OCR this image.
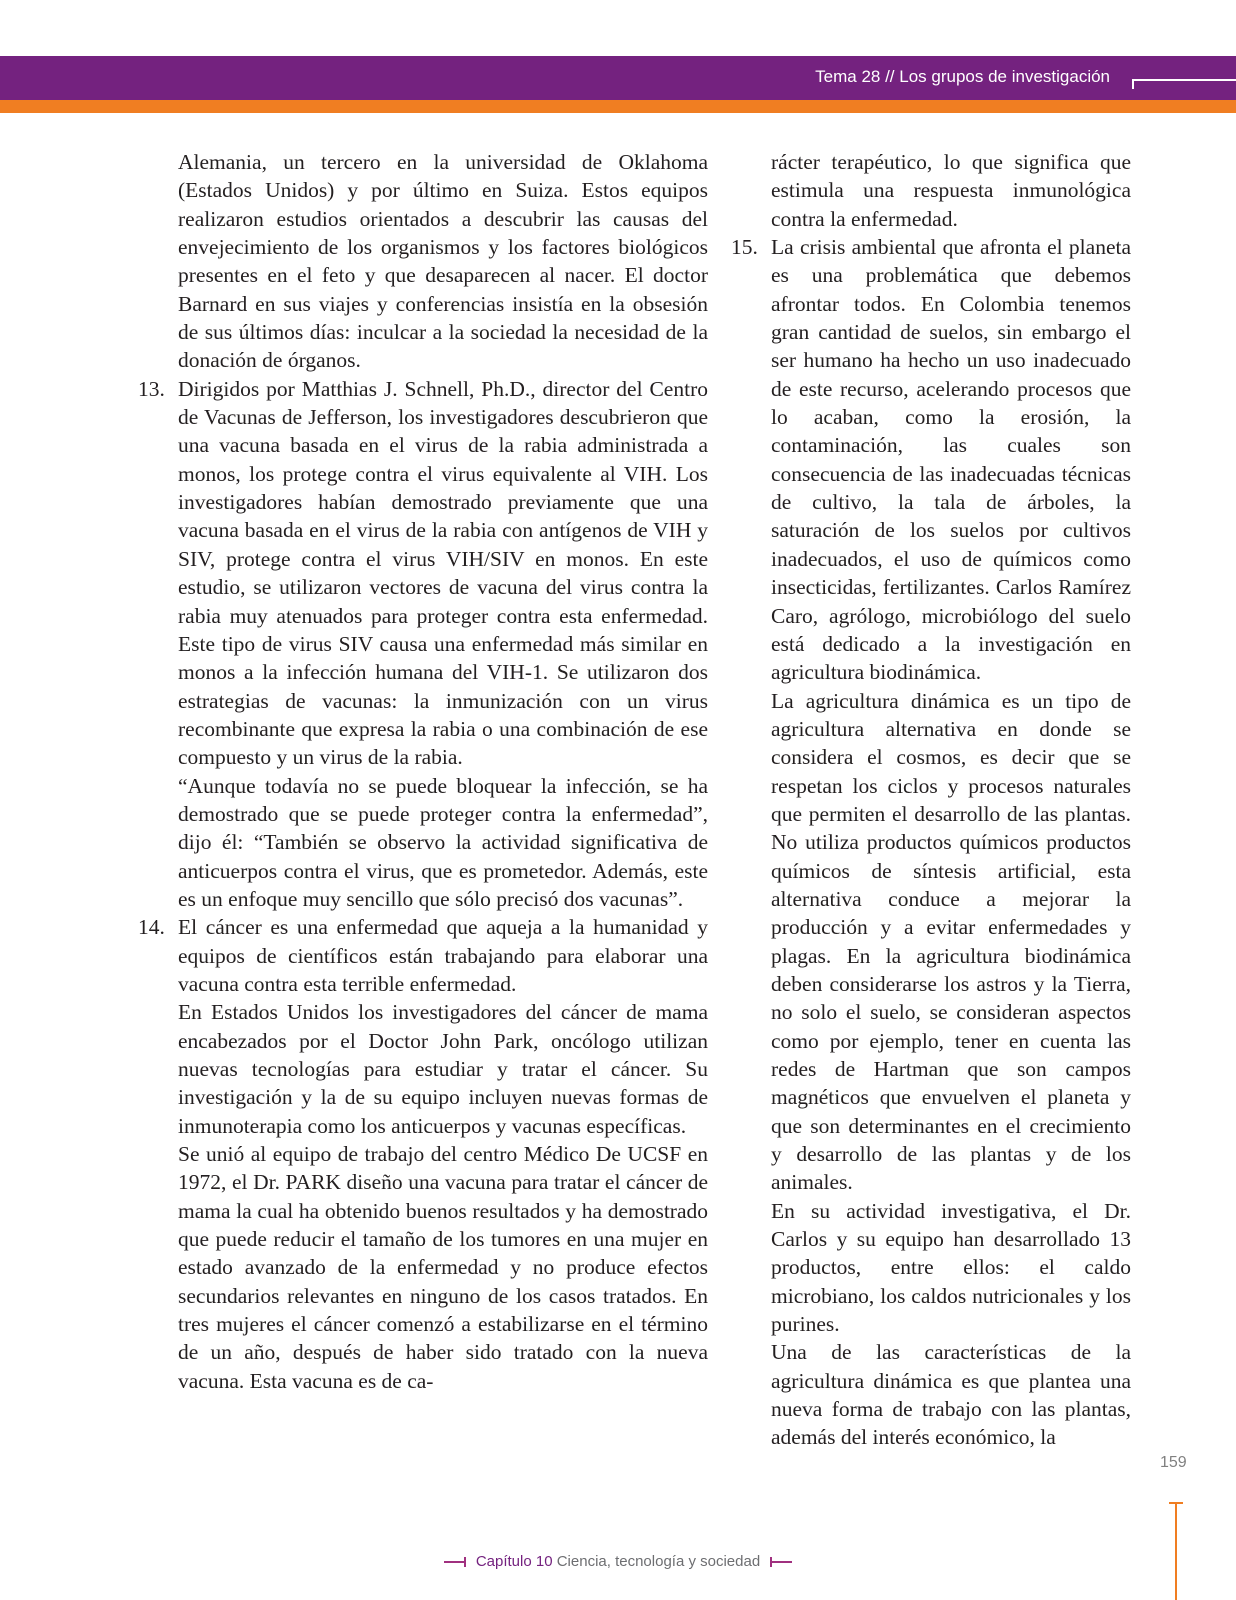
Tema 28 // Los grupos de investigación

Alemania, un tercero en la universidad de Oklahoma (Estados Unidos) y por último en Suiza. Estos equipos realizaron estudios orientados a descubrir las causas del envejecimiento de los organismos y los factores biológicos presentes en el feto y que desaparecen al nacer. El doctor Barnard en sus viajes y conferencias insistía en la obsesión de sus últimos días: inculcar a la sociedad la necesidad de la donación de órganos.

13. Dirigidos por Matthias J. Schnell, Ph.D., director del Centro de Vacunas de Jefferson, los investigadores descubrieron que una vacuna basada en el virus de la rabia administrada a monos, los protege contra el virus equivalente al VIH. Los investigadores habían demostrado previamente que una vacuna basada en el virus de la rabia con antígenos de VIH y SIV, protege contra el virus VIH/SIV en monos. En este estudio, se utilizaron vectores de vacuna del virus contra la rabia muy atenuados para proteger contra esta enfermedad. Este tipo de virus SIV causa una enfermedad más similar en monos a la infección humana del VIH-1. Se utilizaron dos estrategias de vacunas: la inmunización con un virus recombinante que expresa la rabia o una combinación de ese compuesto y un virus de la rabia.

“Aunque todavía no se puede bloquear la infección, se ha demostrado que se puede proteger contra la enfermedad”, dijo él: “También se observo la actividad significativa de anticuerpos contra el virus, que es prometedor. Además, este es un enfoque muy sencillo que sólo precisó dos vacunas”.

14. El cáncer es una enfermedad que aqueja a la humanidad y equipos de científicos están trabajando para elaborar una vacuna contra esta terrible enfermedad.

En Estados Unidos los investigadores del cáncer de mama encabezados por el Doctor John Park, oncólogo utilizan nuevas tecnologías para estudiar y tratar el cáncer. Su investigación y la de su equipo incluyen nuevas formas de inmunoterapia como los anticuerpos y vacunas específicas.

Se unió al equipo de trabajo del centro Médico De UCSF en 1972, el Dr. PARK diseño una vacuna para tratar el cáncer de mama la cual ha obtenido buenos resultados y ha demostrado que puede reducir el tamaño de los tumores en una mujer en estado avanzado de la enfermedad y no produce efectos secundarios relevantes en ninguno de los casos tratados. En tres mujeres el cáncer comenzó a estabilizarse en el término de un año, después de haber sido tratado con la nueva vacuna. Esta vacuna es de ca-

rácter terapéutico, lo que significa que estimula una respuesta inmunológica contra la enfermedad.

15. La crisis ambiental que afronta el planeta es una problemática que debemos afrontar todos. En Colombia tenemos gran cantidad de suelos, sin embargo el ser humano ha hecho un uso inadecuado de este recurso, acelerando procesos que lo acaban, como la erosión, la contaminación, las cuales son consecuencia de las inadecuadas técnicas de cultivo, la tala de árboles, la saturación de los suelos por cultivos inadecuados, el uso de químicos como insecticidas, fertilizantes. Carlos Ramírez Caro, agrólogo, microbiólogo del suelo está dedicado a la investigación en agricultura biodinámica.

La agricultura dinámica es un tipo de agricultura alternativa en donde se considera el cosmos, es decir que se respetan los ciclos y procesos naturales que permiten el desarrollo de las plantas. No utiliza productos químicos productos químicos de síntesis artificial, esta alternativa conduce a mejorar la producción y a evitar enfermedades y plagas. En la agricultura biodinámica deben considerarse los astros y la Tierra, no solo el suelo, se consideran aspectos como por ejemplo, tener en cuenta las redes de Hartman que son campos magnéticos que envuelven el planeta y que son determinantes en el crecimiento y desarrollo de las plantas y de los animales.

En su actividad investigativa, el Dr. Carlos y su equipo han desarrollado 13 productos, entre ellos: el caldo microbiano, los caldos nutricionales y los purines.

Una de las características de la agricultura dinámica es que plantea una nueva forma de trabajo con las plantas, además del interés económico, la

159
Capítulo 10 Ciencia, tecnología y sociedad
